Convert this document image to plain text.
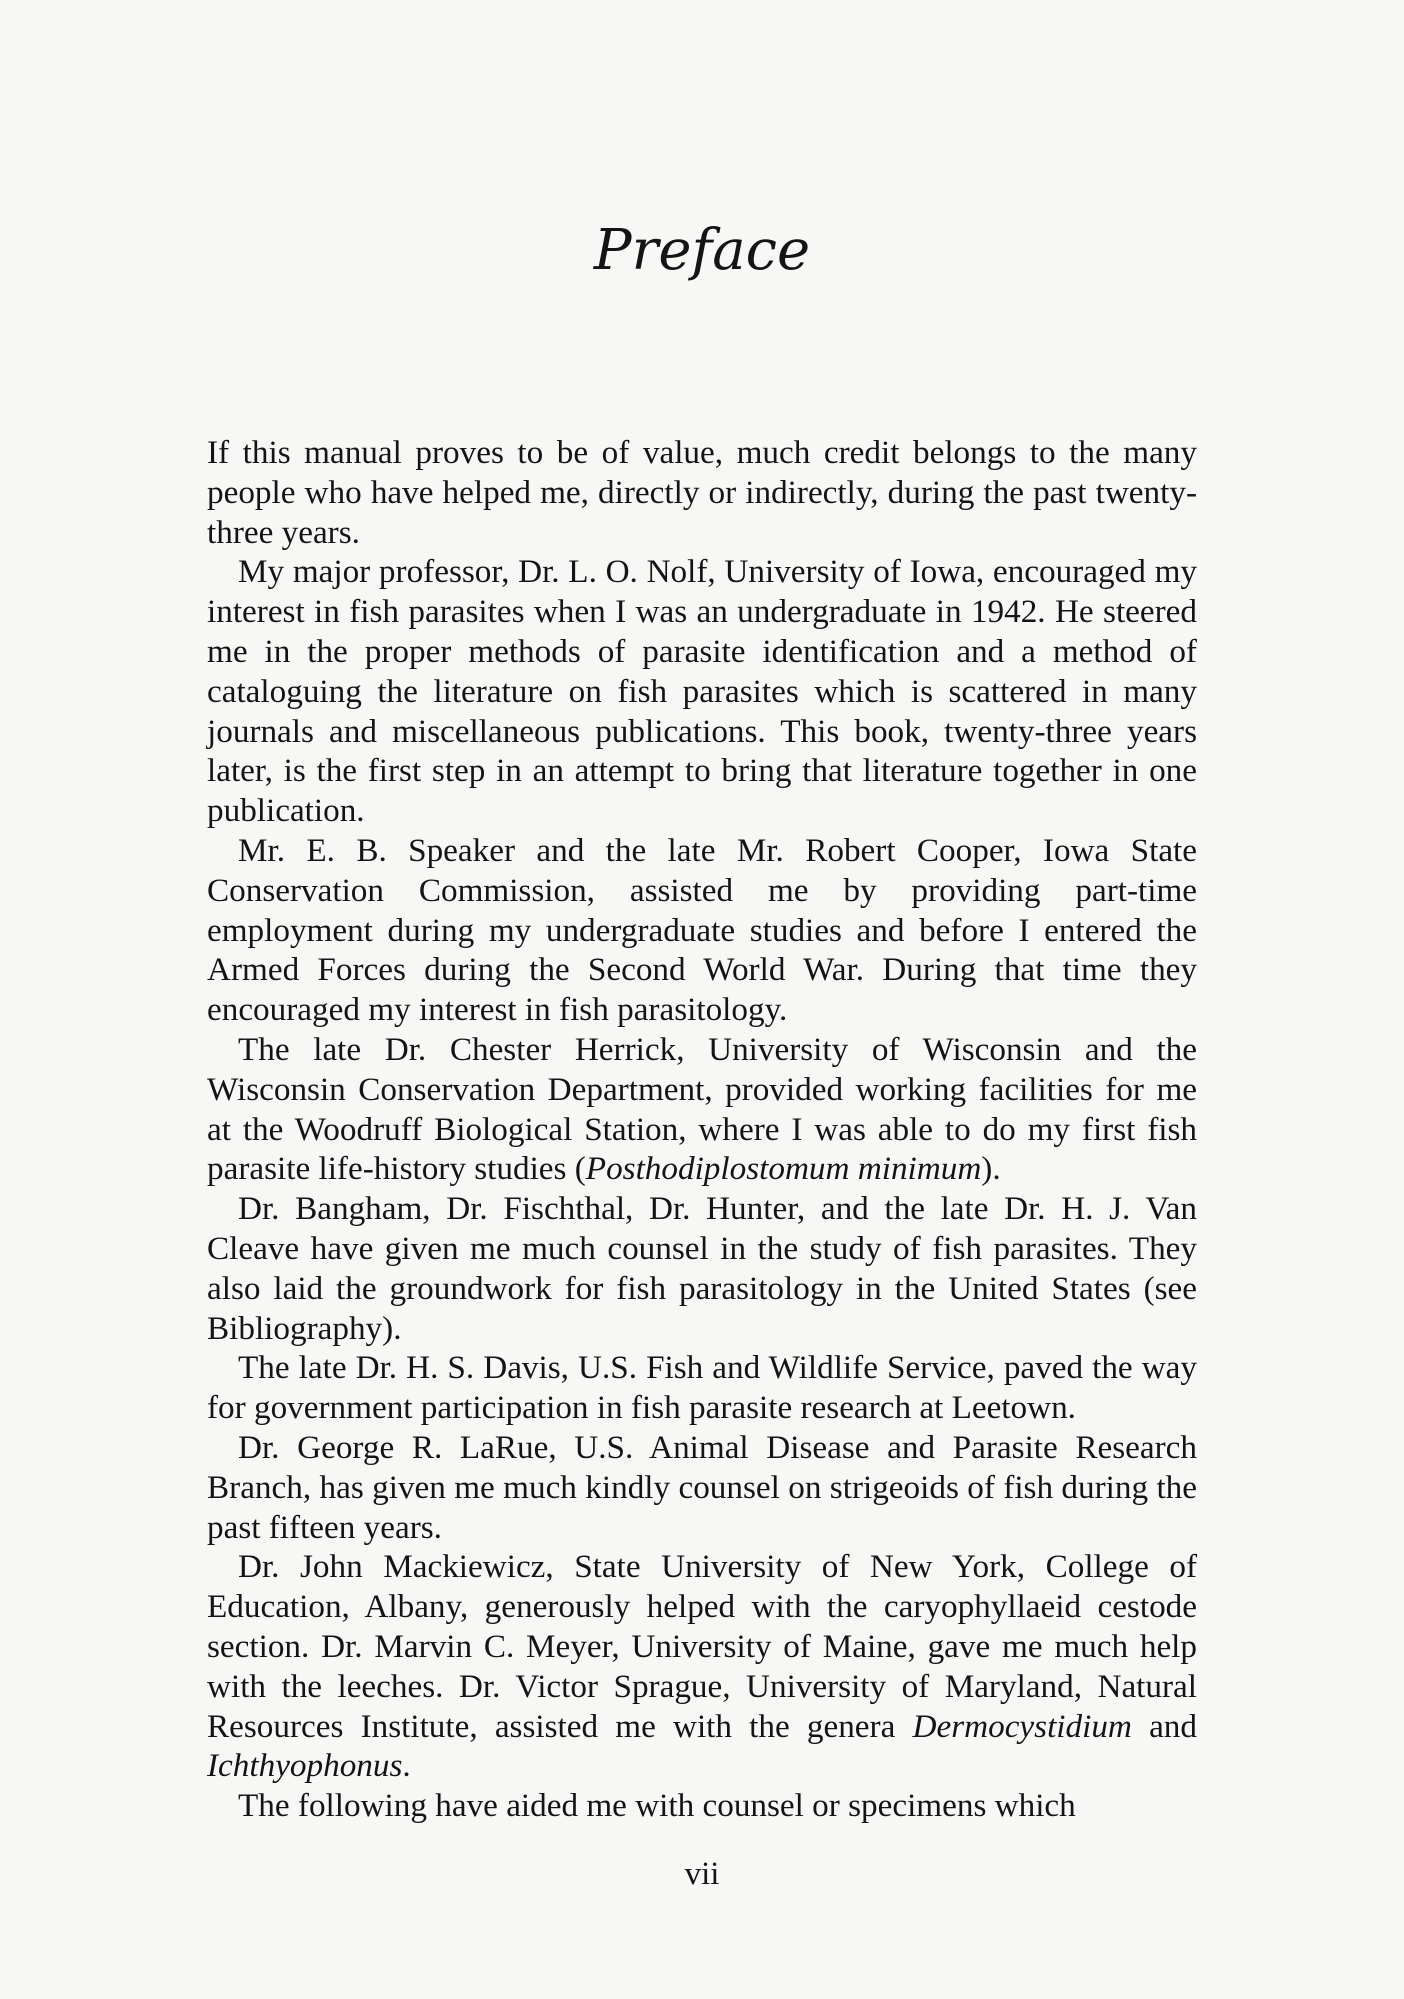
Preface

If this manual proves to be of value, much credit belongs to the many people who have helped me, directly or indirectly, during the past twenty-three years.

My major professor, Dr. L. O. Nolf, University of Iowa, encouraged my interest in fish parasites when I was an undergraduate in 1942. He steered me in the proper methods of parasite identification and a method of cataloguing the literature on fish parasites which is scattered in many journals and miscellaneous publications. This book, twenty-three years later, is the first step in an attempt to bring that literature together in one publication.

Mr. E. B. Speaker and the late Mr. Robert Cooper, Iowa State Conservation Commission, assisted me by providing part-time employment during my undergraduate studies and before I entered the Armed Forces during the Second World War. During that time they encouraged my interest in fish parasitology.

The late Dr. Chester Herrick, University of Wisconsin and the Wisconsin Conservation Department, provided working facilities for me at the Woodruff Biological Station, where I was able to do my first fish parasite life-history studies (Posthodiplostomum minimum).

Dr. Bangham, Dr. Fischthal, Dr. Hunter, and the late Dr. H. J. Van Cleave have given me much counsel in the study of fish parasites. They also laid the groundwork for fish parasitology in the United States (see Bibliography).

The late Dr. H. S. Davis, U.S. Fish and Wildlife Service, paved the way for government participation in fish parasite research at Leetown.

Dr. George R. LaRue, U.S. Animal Disease and Parasite Research Branch, has given me much kindly counsel on strigeoids of fish during the past fifteen years.

Dr. John Mackiewicz, State University of New York, College of Education, Albany, generously helped with the caryophyllaeid cestode section. Dr. Marvin C. Meyer, University of Maine, gave me much help with the leeches. Dr. Victor Sprague, University of Maryland, Natural Resources Institute, assisted me with the genera Dermocystidium and Ichthyophonus.

The following have aided me with counsel or specimens which

vii
